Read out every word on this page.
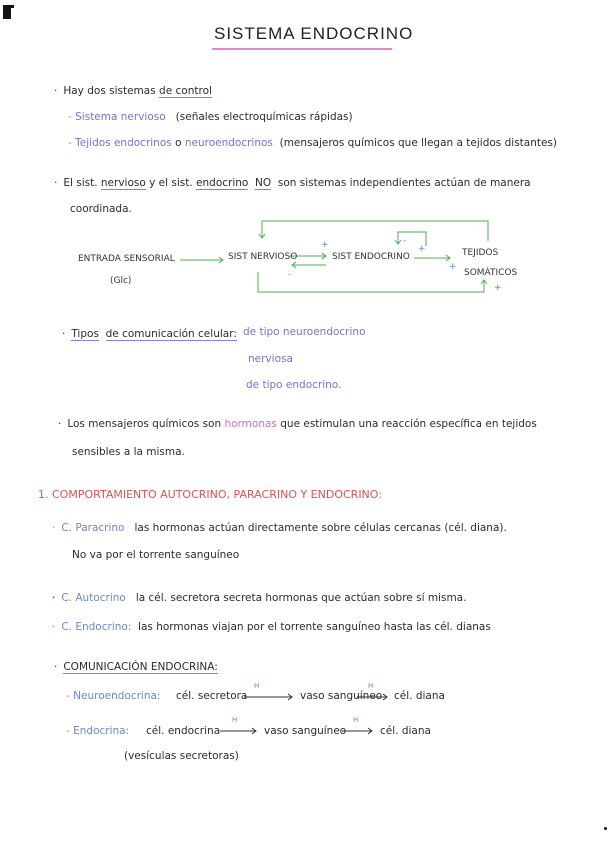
SISTEMA ENDOCRINO
· Hay dos sistemas de control
- Sistema nervioso (señales electroquímicas rápidas)
- Tejidos endocrinos o neuroendocrinos (mensajeros químicos que llegan a tejidos distantes)
· El sist. nervioso y el sist. endocrino NO son sistemas independientes actúan de manera
coordinada.
ENTRADA SENSORIAL
(Glc)
SIST NERVIOSO	SIST ENDOCRINO	TEJIDOS
SOMÁTICOS
+
-
-
+
+
+
· Tipos de comunicación celular: de tipo neuroendocrino
nerviosa
de tipo endocrino.
· Los mensajeros químicos son hormonas que estimulan una reacción específica en tejidos
sensibles a la misma.
1. COMPORTAMIENTO AUTOCRINO, PARACRINO Y ENDOCRINO:
· C. Paracrino las hormonas actúan directamente sobre células cercanas (cél. diana).
No va por el torrente sanguíneo
· C. Autocrino la cél. secretora secreta hormonas que actúan sobre sí misma.
· C. Endocrino: las hormonas viajan por el torrente sanguíneo hasta las cél. dianas
· COMUNICACIÓN ENDOCRINA:
- Neuroendocrina: cél. secretora	vaso sanguíneo cél. diana
- Endocrina: cél. endocrina	vaso sanguíneo	cél. diana
(vesículas secretoras)
H	H
H	H
